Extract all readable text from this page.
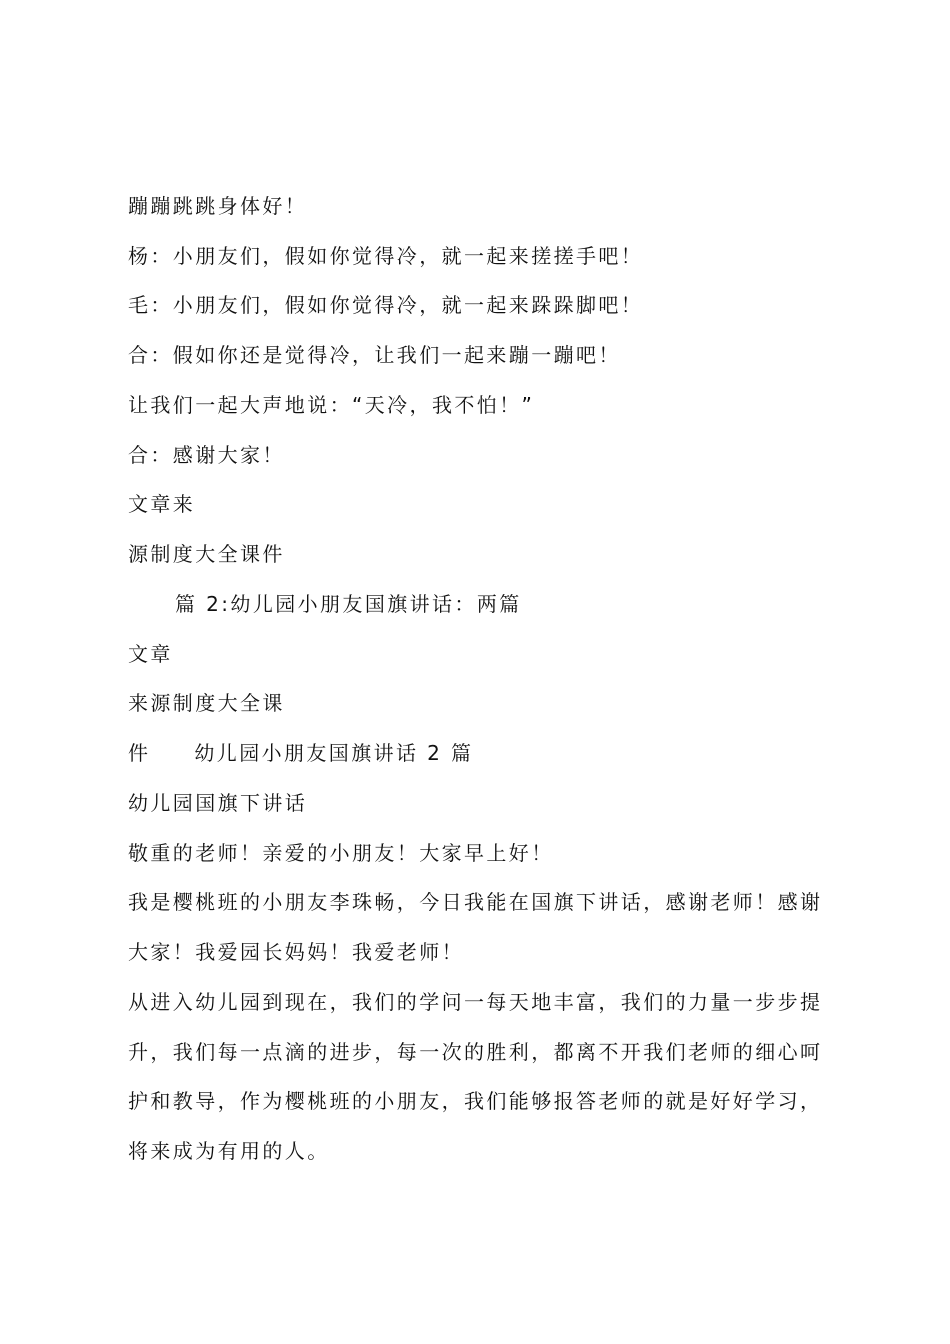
蹦蹦跳跳身体好！

杨：小朋友们，假如你觉得冷，就一起来搓搓手吧！

毛：小朋友们，假如你觉得冷，就一起来跺跺脚吧！

合：假如你还是觉得冷，让我们一起来蹦一蹦吧！

让我们一起大声地说：“天冷，我不怕！”

合：感谢大家！

文章来

源制度大全课件

篇 2:幼儿园小朋友国旗讲话：两篇

文章

来源制度大全课

件 幼儿园小朋友国旗讲话 2 篇

幼儿园国旗下讲话

敬重的老师！亲爱的小朋友！大家早上好！

我是樱桃班的小朋友李珠畅，今日我能在国旗下讲话，感谢老师！感谢

大家！我爱园长妈妈！我爱老师！

从进入幼儿园到现在，我们的学问一每天地丰富，我们的力量一步步提

升，我们每一点滴的进步，每一次的胜利，都离不开我们老师的细心呵

护和教导，作为樱桃班的小朋友，我们能够报答老师的就是好好学习，

将来成为有用的人。
